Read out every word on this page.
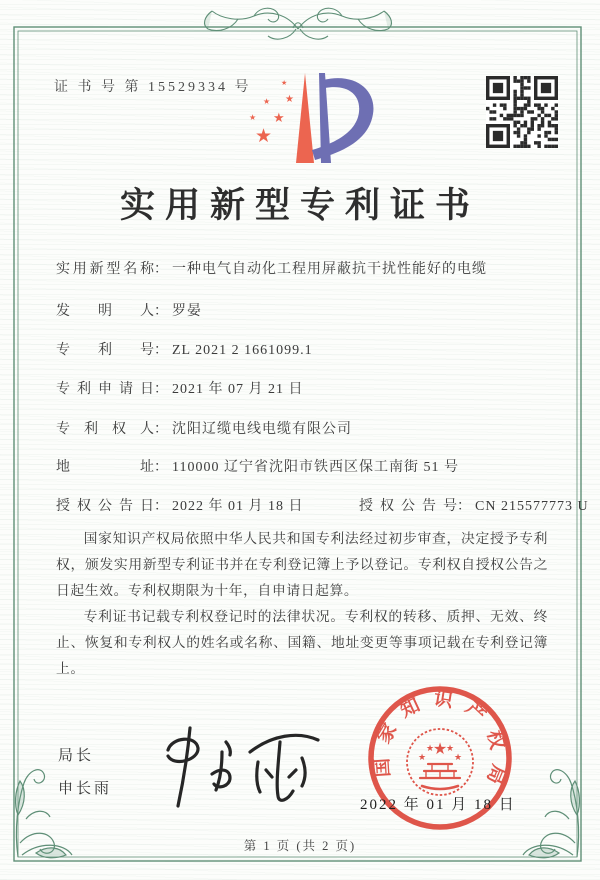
证 书 号 第 15529334 号
★
★
★
★
★
★
实用新型专利证书
实用新型名称： 一种电气自动化工程用屏蔽抗干扰性能好的电缆
发明人： 罗晏
专利号： ZL 2021 2 1661099.1
专利申请日： 2021 年 07 月 21 日
专利权人： 沈阳辽缆电线电缆有限公司
地址： 110000 辽宁省沈阳市铁西区保工南街 51 号
授权公告日： 2022 年 01 月 18 日	授权公告号： CN 215577773 U

国家知识产权局依照中华人民共和国专利法经过初步审查，决定授予专利权，颁发实用新型专利证书并在专利登记簿上予以登记。专利权自授权公告之日起生效。专利权期限为十年，自申请日起算。

专利证书记载专利权登记时的法律状况。专利权的转移、质押、无效、终止、恢复和专利权人的姓名或名称、国籍、地址变更等事项记载在专利登记簿上。

局长
申长雨
国家知识产权局
★
★
★ ★
★
2022 年 01 月 18 日
第 1 页 (共 2 页)
